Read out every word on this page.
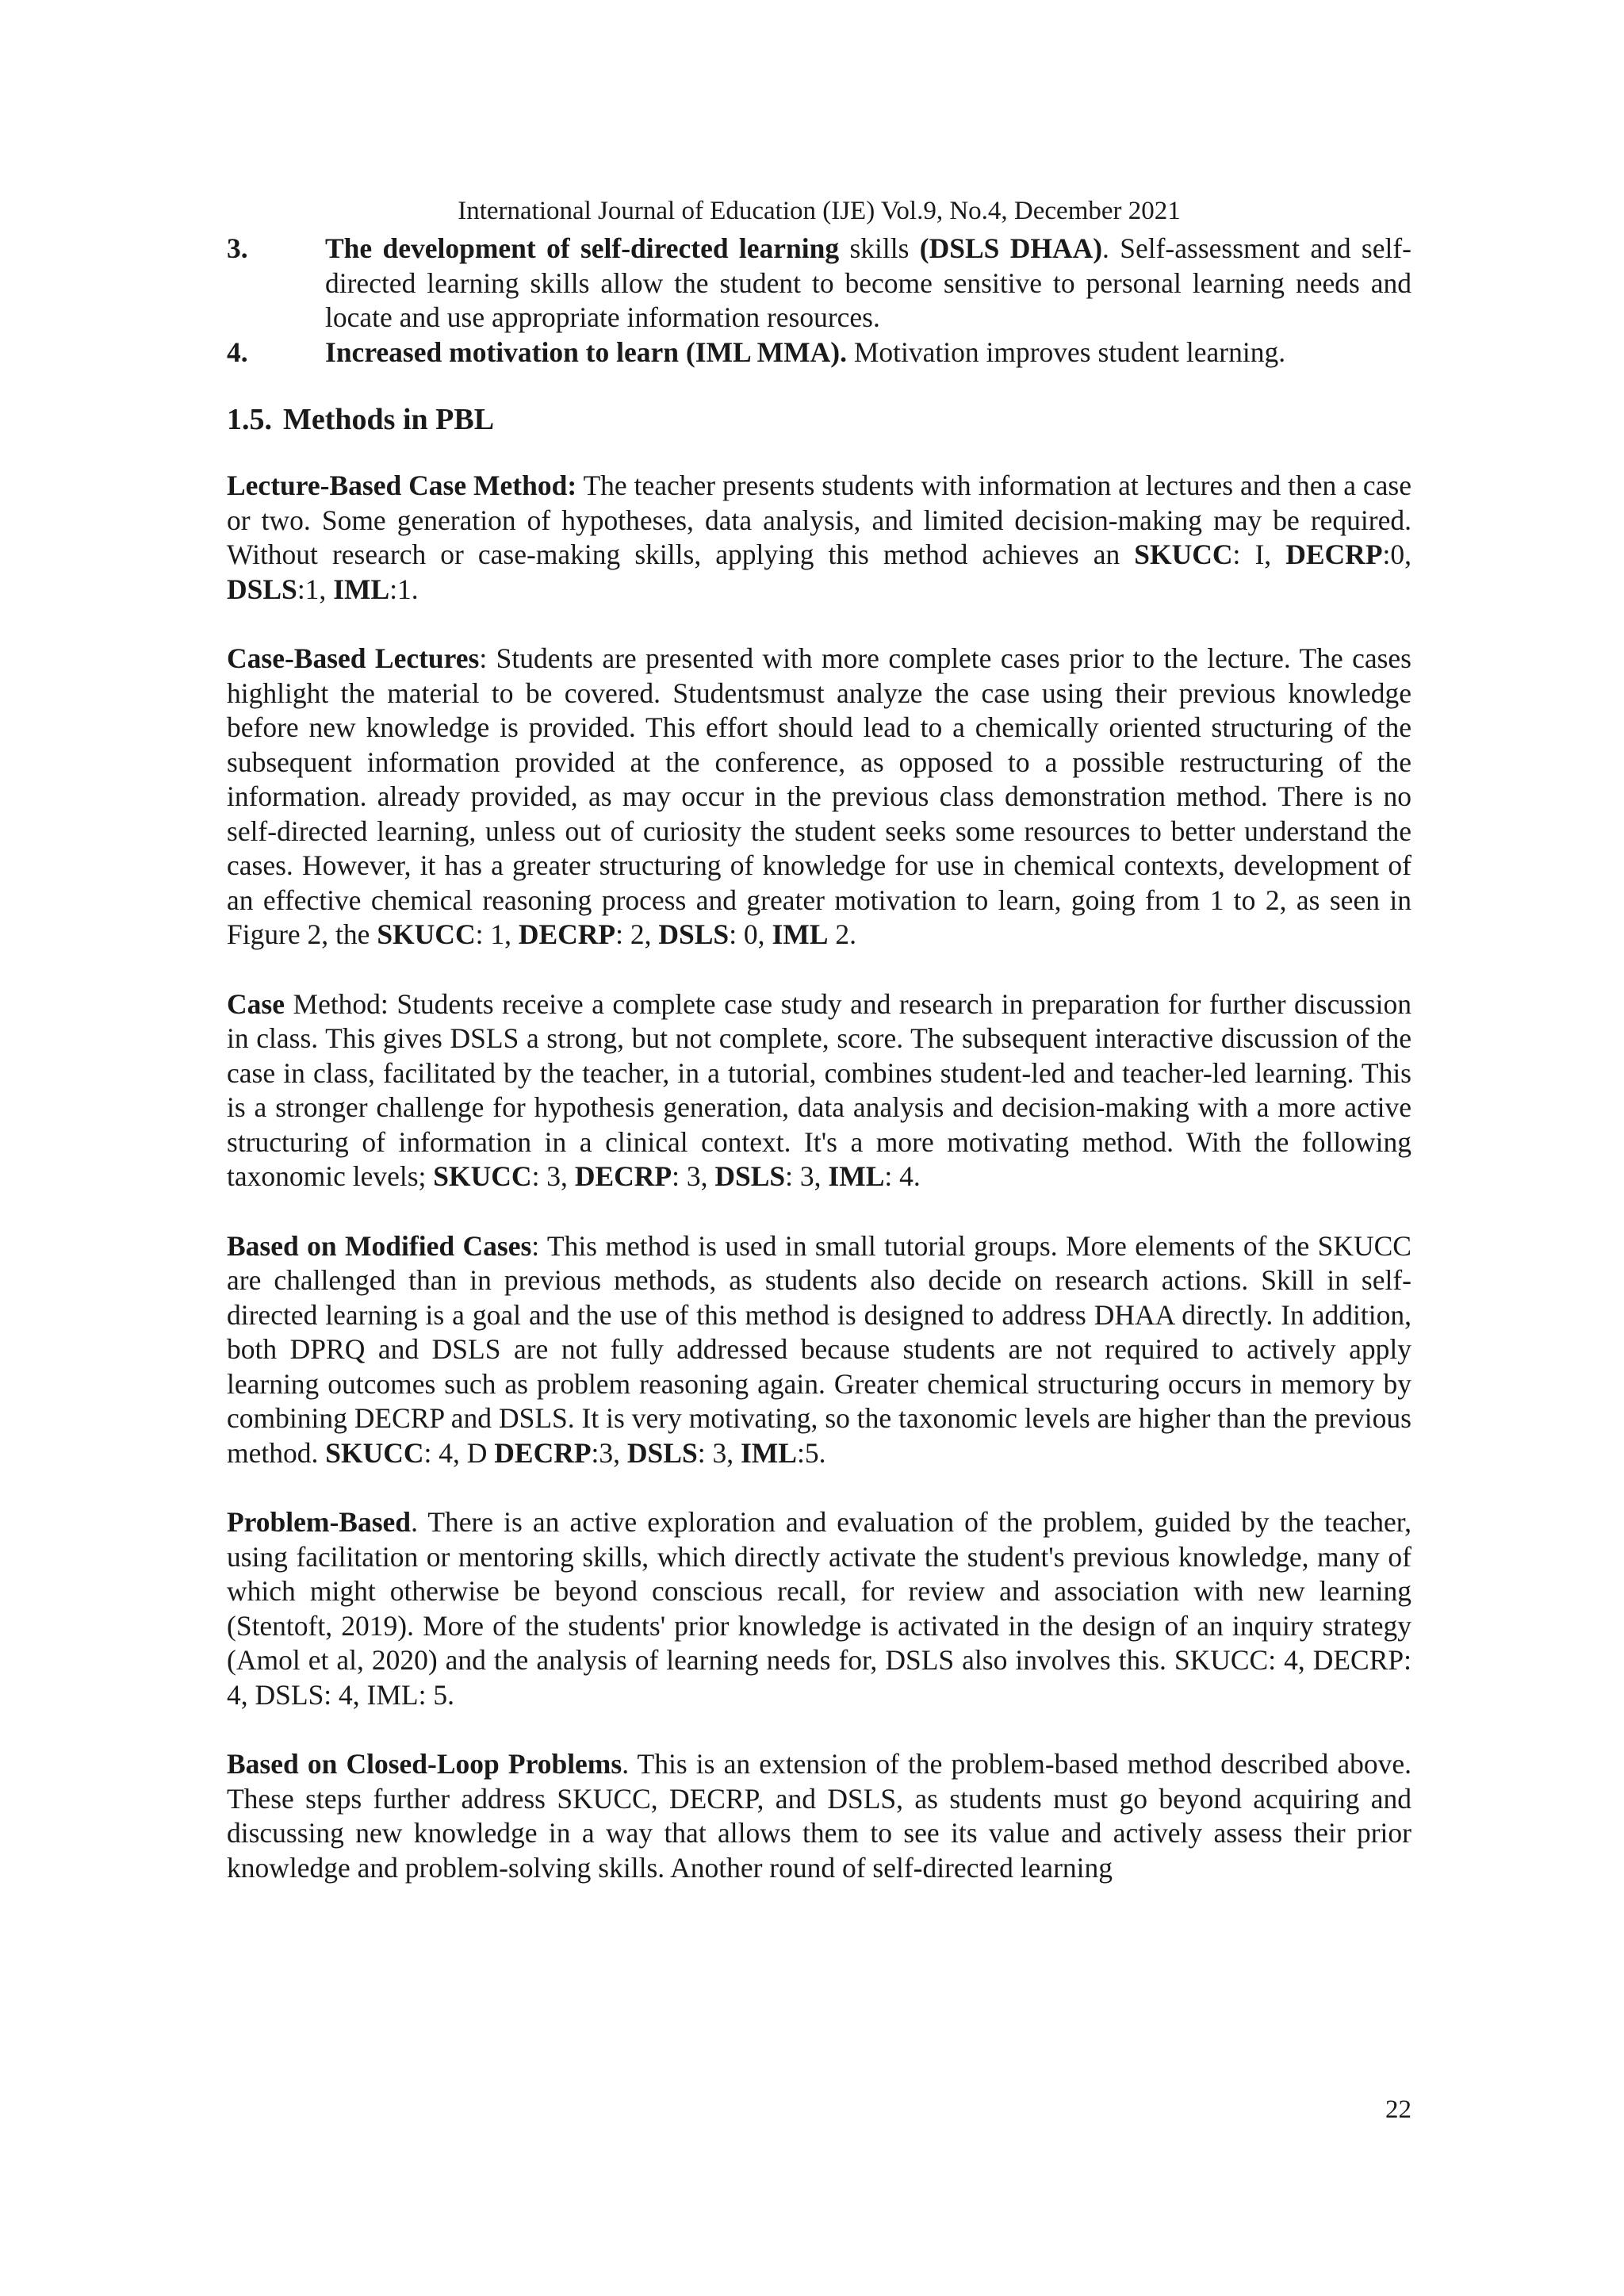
International Journal of Education (IJE) Vol.9, No.4, December 2021
3.	The development of self-directed learning skills (DSLS DHAA). Self-assessment and self-directed learning skills allow the student to become sensitive to personal learning needs and locate and use appropriate information resources.
4.	Increased motivation to learn (IML MMA). Motivation improves student learning.
1.5. Methods in PBL

Lecture-Based Case Method: The teacher presents students with information at lectures and then a case or two. Some generation of hypotheses, data analysis, and limited decision-making may be required. Without research or case-making skills, applying this method achieves an SKUCC: I, DECRP:0, DSLS:1, IML:1.

Case-Based Lectures: Students are presented with more complete cases prior to the lecture. The cases highlight the material to be covered. Studentsmust analyze the case using their previous knowledge before new knowledge is provided. This effort should lead to a chemically oriented structuring of the subsequent information provided at the conference, as opposed to a possible restructuring of the information. already provided, as may occur in the previous class demonstration method. There is no self-directed learning, unless out of curiosity the student seeks some resources to better understand the cases. However, it has a greater structuring of knowledge for use in chemical contexts, development of an effective chemical reasoning process and greater motivation to learn, going from 1 to 2, as seen in Figure 2, the SKUCC: 1, DECRP: 2, DSLS: 0, IML 2.

Case Method: Students receive a complete case study and research in preparation for further discussion in class. This gives DSLS a strong, but not complete, score. The subsequent interactive discussion of the case in class, facilitated by the teacher, in a tutorial, combines student-led and teacher-led learning. This is a stronger challenge for hypothesis generation, data analysis and decision-making with a more active structuring of information in a clinical context. It's a more motivating method. With the following taxonomic levels; SKUCC: 3, DECRP: 3, DSLS: 3, IML: 4.

Based on Modified Cases: This method is used in small tutorial groups. More elements of the SKUCC are challenged than in previous methods, as students also decide on research actions. Skill in self-directed learning is a goal and the use of this method is designed to address DHAA directly. In addition, both DPRQ and DSLS are not fully addressed because students are not required to actively apply learning outcomes such as problem reasoning again. Greater chemical structuring occurs in memory by combining DECRP and DSLS. It is very motivating, so the taxonomic levels are higher than the previous method. SKUCC: 4, D DECRP:3, DSLS: 3, IML:5.

Problem-Based. There is an active exploration and evaluation of the problem, guided by the teacher, using facilitation or mentoring skills, which directly activate the student's previous knowledge, many of which might otherwise be beyond conscious recall, for review and association with new learning (Stentoft, 2019). More of the students' prior knowledge is activated in the design of an inquiry strategy (Amol et al, 2020) and the analysis of learning needs for, DSLS also involves this. SKUCC: 4, DECRP: 4, DSLS: 4, IML: 5.

Based on Closed-Loop Problems. This is an extension of the problem-based method described above. These steps further address SKUCC, DECRP, and DSLS, as students must go beyond acquiring and discussing new knowledge in a way that allows them to see its value and actively assess their prior knowledge and problem-solving skills. Another round of self-directed learning

22
